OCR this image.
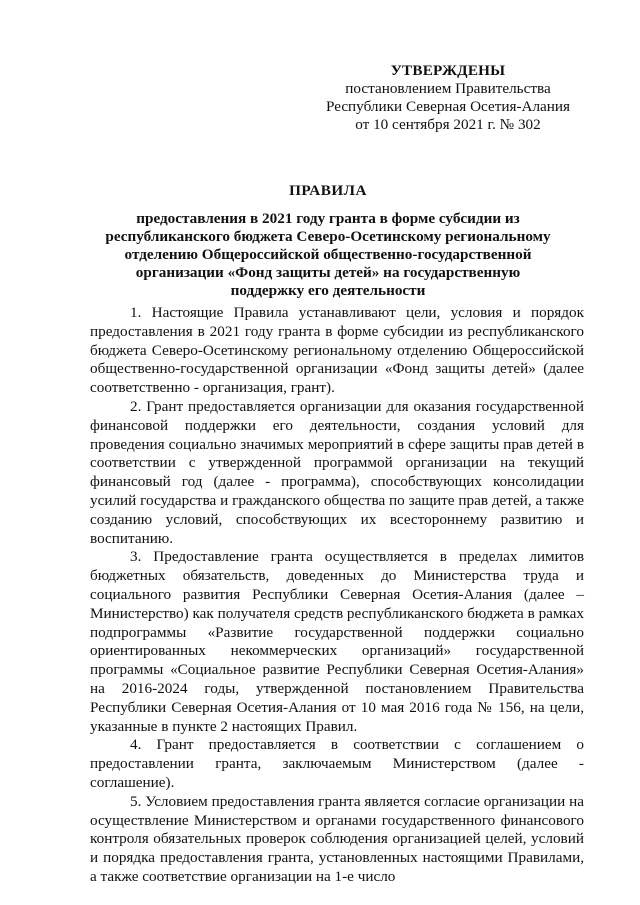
УТВЕРЖДЕНЫ
постановлением Правительства
Республики Северная Осетия-Алания
от 10 сентября 2021 г. № 302
ПРАВИЛА
предоставления в 2021 году гранта в форме субсидии из республиканского бюджета Северо-Осетинскому региональному отделению Общероссийской общественно-государственной организации «Фонд защиты детей» на государственную поддержку его деятельности

1. Настоящие Правила устанавливают цели, условия и порядок предоставления в 2021 году гранта в форме субсидии из республиканского бюджета Северо-Осетинскому региональному отделению Общероссийской общественно-государственной организации «Фонд защиты детей» (далее соответственно - организация, грант).

2. Грант предоставляется организации для оказания государственной финансовой поддержки его деятельности, создания условий для проведения социально значимых мероприятий в сфере защиты прав детей в соответствии с утвержденной программой организации на текущий финансовый год (далее - программа), способствующих консолидации усилий государства и гражданского общества по защите прав детей, а также созданию условий, способствующих их всестороннему развитию и воспитанию.

3. Предоставление гранта осуществляется в пределах лимитов бюджетных обязательств, доведенных до Министерства труда и социального развития Республики Северная Осетия-Алания (далее – Министерство) как получателя средств республиканского бюджета в рамках подпрограммы «Развитие государственной поддержки социально ориентированных некоммерческих организаций» государственной программы «Социальное развитие Республики Северная Осетия-Алания» на 2016-2024 годы, утвержденной постановлением Правительства Республики Северная Осетия-Алания от 10 мая 2016 года № 156, на цели, указанные в пункте 2 настоящих Правил.

4. Грант предоставляется в соответствии с соглашением о предоставлении гранта, заключаемым Министерством (далее - соглашение).

5. Условием предоставления гранта является согласие организации на осуществление Министерством и органами государственного финансового контроля обязательных проверок соблюдения организацией целей, условий и порядка предоставления гранта, установленных настоящими Правилами, а также соответствие организации на 1-е число
